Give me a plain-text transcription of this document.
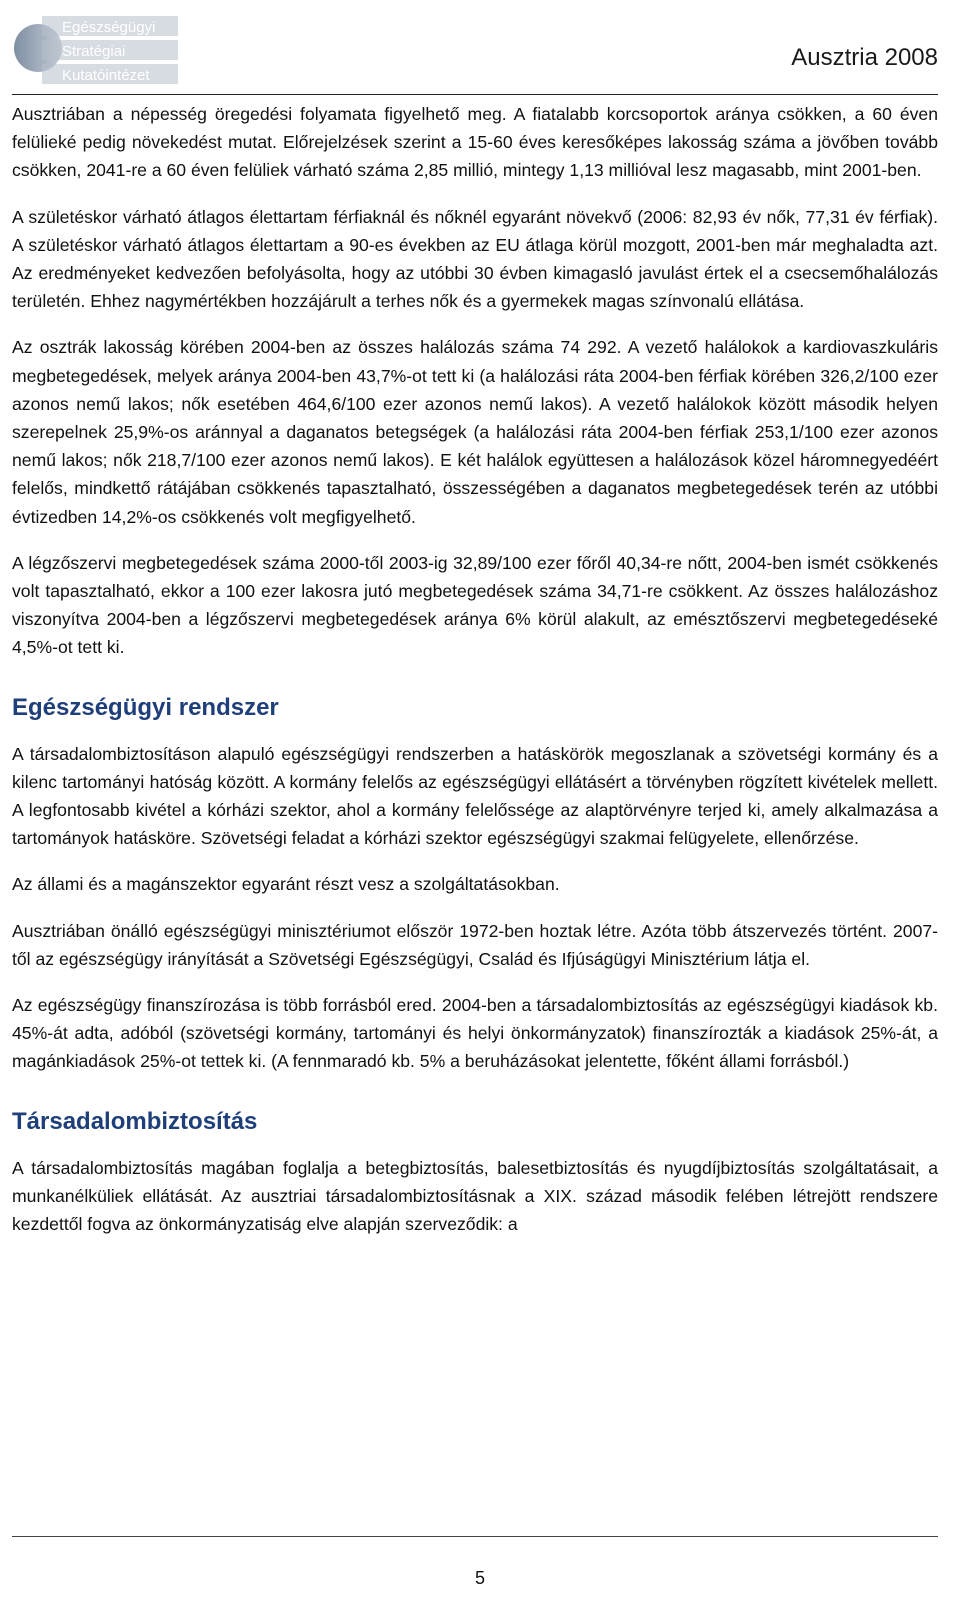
Egészségügyi
Stratégiai
Kutatóintézet
Ausztria 2008

Ausztriában a népesség öregedési folyamata figyelhető meg. A fiatalabb korcsoportok aránya csökken, a 60 éven felülieké pedig növekedést mutat. Előrejelzések szerint a 15-60 éves keresőképes lakosság száma a jövőben tovább csökken, 2041-re a 60 éven felüliek várható száma 2,85 millió, mintegy 1,13 millióval lesz magasabb, mint 2001-ben.

A születéskor várható átlagos élettartam férfiaknál és nőknél egyaránt növekvő (2006: 82,93 év nők, 77,31 év férfiak). A születéskor várható átlagos élettartam a 90-es években az EU átlaga körül mozgott, 2001-ben már meghaladta azt. Az eredményeket kedvezően befolyásolta, hogy az utóbbi 30 évben kimagasló javulást értek el a csecsemőhalálozás területén. Ehhez nagymértékben hozzájárult a terhes nők és a gyermekek magas színvonalú ellátása.

Az osztrák lakosság körében 2004-ben az összes halálozás száma 74 292. A vezető halálokok a kardiovaszkuláris megbetegedések, melyek aránya 2004-ben 43,7%-ot tett ki (a halálozási ráta 2004-ben férfiak körében 326,2/100 ezer azonos nemű lakos; nők esetében 464,6/100 ezer azonos nemű lakos). A vezető halálokok között második helyen szerepelnek 25,9%-os aránnyal a daganatos betegségek (a halálozási ráta 2004-ben férfiak 253,1/100 ezer azonos nemű lakos; nők 218,7/100 ezer azonos nemű lakos). E két halálok együttesen a halálozások közel háromnegyedéért felelős, mindkettő rátájában csökkenés tapasztalható, összességében a daganatos megbetegedések terén az utóbbi évtizedben 14,2%-os csökkenés volt megfigyelhető.

A légzőszervi megbetegedések száma 2000-től 2003-ig 32,89/100 ezer főről 40,34-re nőtt, 2004-ben ismét csökkenés volt tapasztalható, ekkor a 100 ezer lakosra jutó megbetegedések száma 34,71-re csökkent. Az összes halálozáshoz viszonyítva 2004-ben a légzőszervi megbetegedések aránya 6% körül alakult, az emésztőszervi megbetegedéseké 4,5%-ot tett ki.

Egészségügyi rendszer

A társadalombiztosításon alapuló egészségügyi rendszerben a hatáskörök megoszlanak a szövetségi kormány és a kilenc tartományi hatóság között. A kormány felelős az egészségügyi ellátásért a törvényben rögzített kivételek mellett. A legfontosabb kivétel a kórházi szektor, ahol a kormány felelőssége az alaptörvényre terjed ki, amely alkalmazása a tartományok hatásköre. Szövetségi feladat a kórházi szektor egészségügyi szakmai felügyelete, ellenőrzése.

Az állami és a magánszektor egyaránt részt vesz a szolgáltatásokban.

Ausztriában önálló egészségügyi minisztériumot először 1972-ben hoztak létre. Azóta több átszervezés történt. 2007-től az egészségügy irányítását a Szövetségi Egészségügyi, Család és Ifjúságügyi Minisztérium látja el.

Az egészségügy finanszírozása is több forrásból ered. 2004-ben a társadalombiztosítás az egészségügyi kiadások kb. 45%-át adta, adóból (szövetségi kormány, tartományi és helyi önkormányzatok) finanszírozták a kiadások 25%-át, a magánkiadások 25%-ot tettek ki. (A fennmaradó kb. 5% a beruházásokat jelentette, főként állami forrásból.)

Társadalombiztosítás

A társadalombiztosítás magában foglalja a betegbiztosítás, balesetbiztosítás és nyugdíjbiztosítás szolgáltatásait, a munkanélküliek ellátását. Az ausztriai társadalombiztosításnak a XIX. század második felében létrejött rendszere kezdettől fogva az önkormányzatiság elve alapján szerveződik: a

5
